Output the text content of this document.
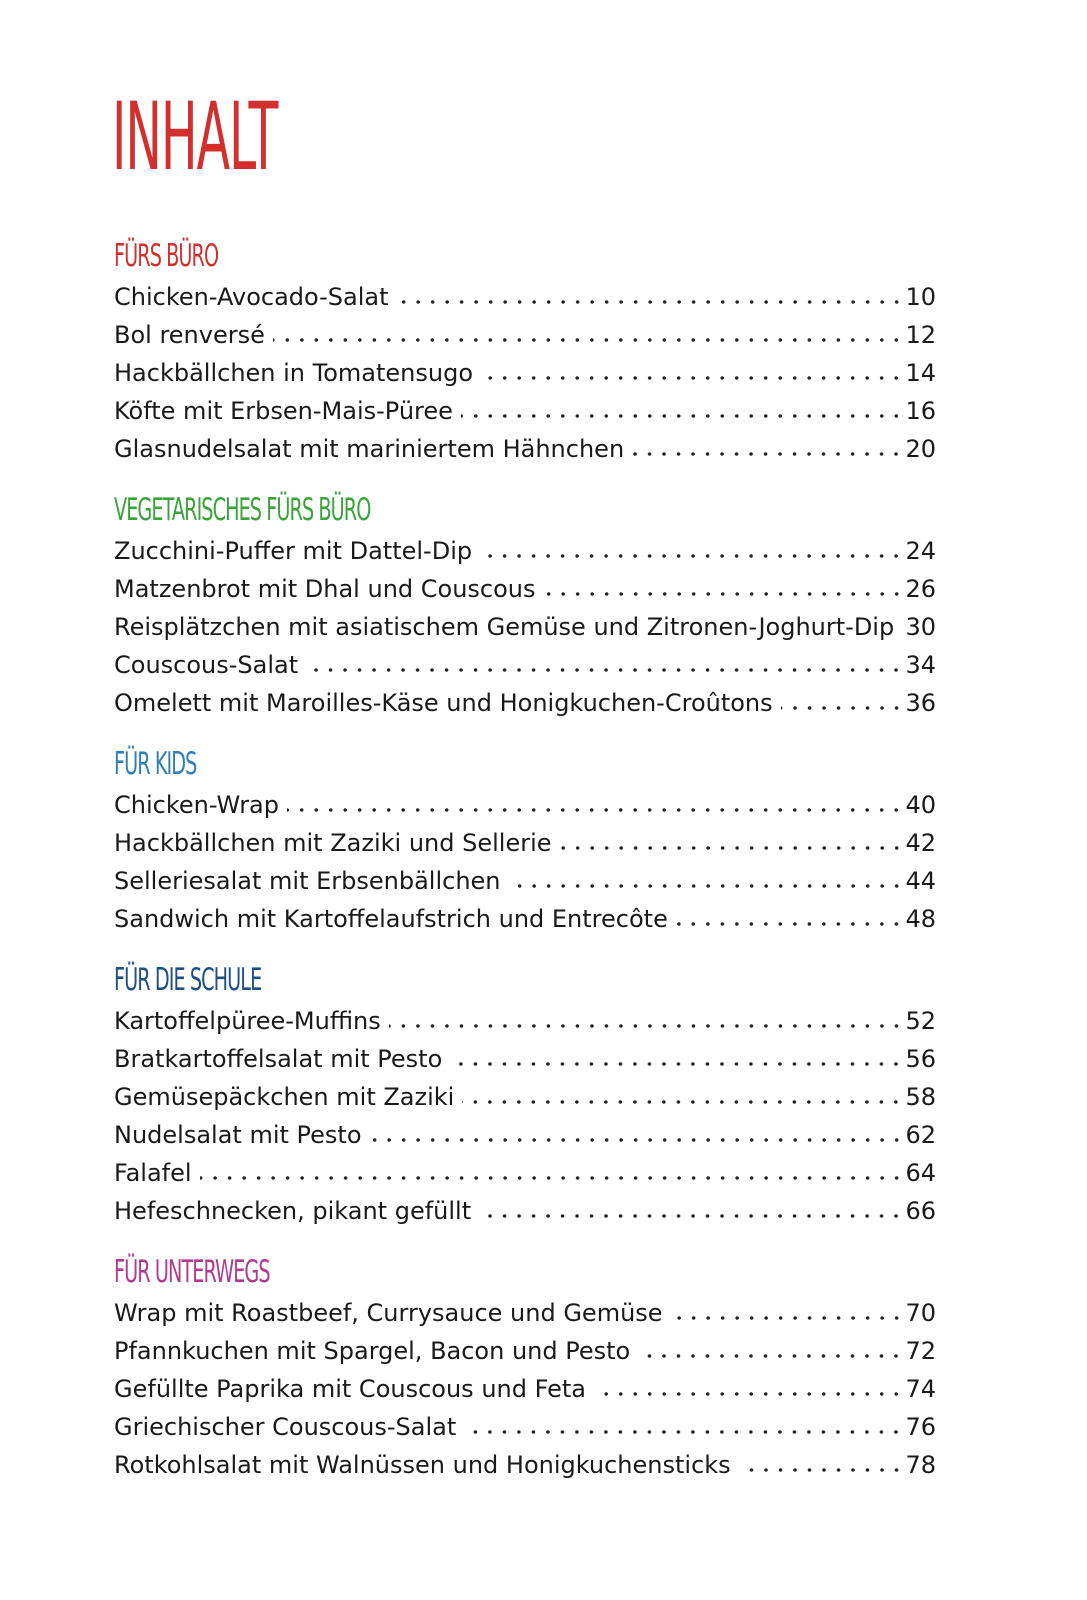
INHALT
FÜRS BÜRO
Chicken-Avocado-Salat	10
Bol renversé	12
Hackbällchen in Tomatensugo	14
Köfte mit Erbsen-Mais-Püree	16
Glasnudelsalat mit mariniertem Hähnchen	20
VEGETARISCHES FÜRS BÜRO
Zucchini-Puffer mit Dattel-Dip	24
Matzenbrot mit Dhal und Couscous	26
Reisplätzchen mit asiatischem Gemüse und Zitronen-Joghurt-Dip 30
Couscous-Salat	34
Omelett mit Maroilles-Käse und Honigkuchen-Croûtons	36
FÜR KIDS
Chicken-Wrap	40
Hackbällchen mit Zaziki und Sellerie	42
Selleriesalat mit Erbsenbällchen	44
Sandwich mit Kartoffelaufstrich und Entrecôte	48
FÜR DIE SCHULE
Kartoffelpüree-Muffins	52
Bratkartoffelsalat mit Pesto	56
Gemüsepäckchen mit Zaziki	58
Nudelsalat mit Pesto	62
Falafel	64
Hefeschnecken, pikant gefüllt	66
FÜR UNTERWEGS
Wrap mit Roastbeef, Currysauce und Gemüse	70
Pfannkuchen mit Spargel, Bacon und Pesto	72
Gefüllte Paprika mit Couscous und Feta	74
Griechischer Couscous-Salat	76
Rotkohlsalat mit Walnüssen und Honigkuchensticks	78
